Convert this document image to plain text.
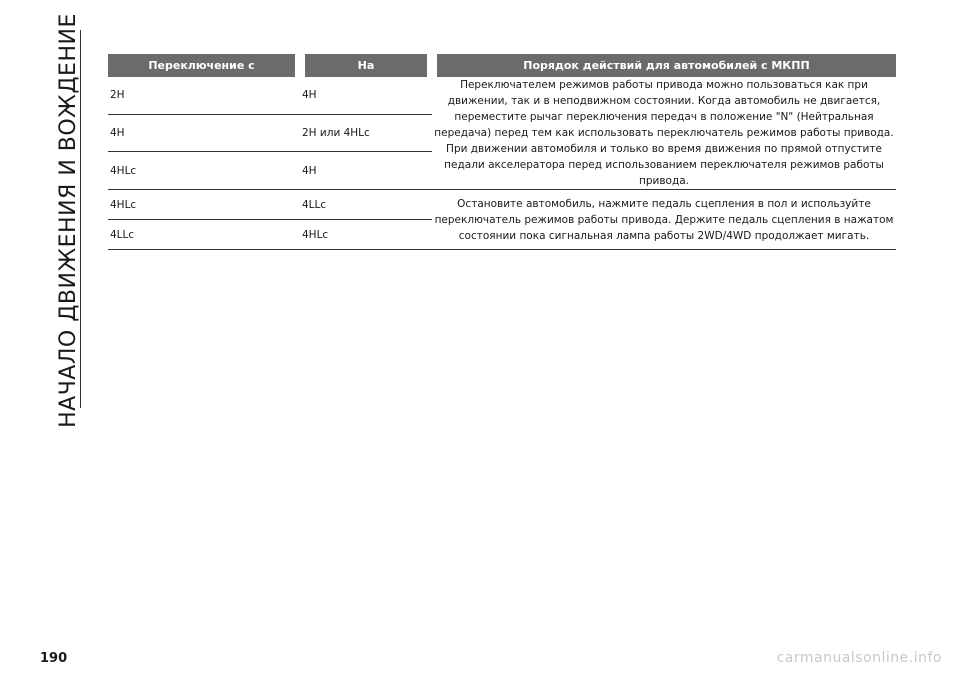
НАЧАЛО ДВИЖЕНИЯ И ВОЖДЕНИЕ	Переключение с	На	Порядок действий для автомобилей с МКПП
2H	4H	Переключателем режимов работы привода можно пользоваться как при движении, так и в неподвижном состоянии. Когда автомобиль не двигается, переместите рычаг переключения передач в положение "N" (Нейтральная передача) перед тем как использовать переключатель режимов работы привода. При движении автомобиля и только во время движения по прямой отпустите педали акселератора перед использованием переключателя режимов работы привода.
4H	2H или 4HLc	
4HLc	4H	
4HLc	4LLc	Остановите автомобиль, нажмите педаль сцепления в пол и используйте переключатель режимов работы привода. Держите педаль сцепления в нажатом состоянии пока сигнальная лампа работы 2WD/4WD продолжает мигать.
4LLc	4HLc	
190	carmanualsonline.info
